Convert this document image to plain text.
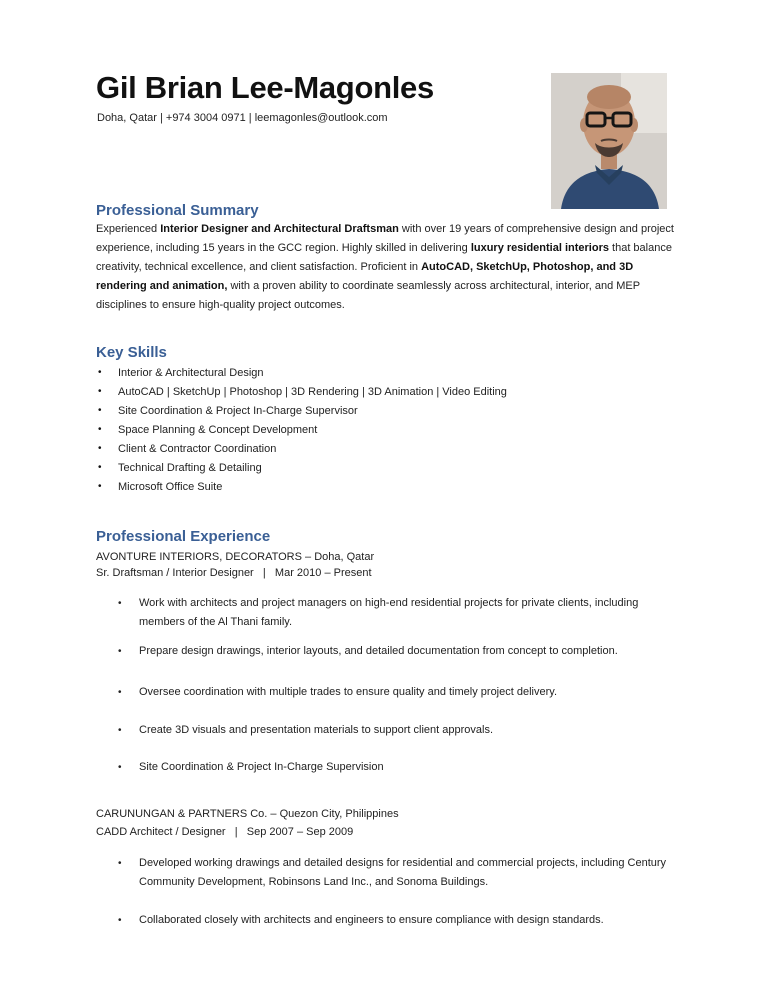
Gil Brian Lee-Magonles
Doha, Qatar | +974 3004 0971 | leemagonles@outlook.com
Professional Summary
Experienced Interior Designer and Architectural Draftsman with over 19 years of comprehensive design and project experience, including 15 years in the GCC region. Highly skilled in delivering luxury residential interiors that balance creativity, technical excellence, and client satisfaction. Proficient in AutoCAD, SketchUp, Photoshop, and 3D rendering and animation, with a proven ability to coordinate seamlessly across architectural, interior, and MEP disciplines to ensure high-quality project outcomes.
Key Skills
• Interior & Architectural Design
• AutoCAD | SketchUp | Photoshop | 3D Rendering | 3D Animation | Video Editing
• Site Coordination & Project In-Charge Supervisor
• Space Planning & Concept Development
• Client & Contractor Coordination
• Technical Drafting & Detailing
• Microsoft Office Suite
Professional Experience
AVONTURE INTERIORS, DECORATORS – Doha, Qatar
Sr. Draftsman / Interior Designer   |   Mar 2010 – Present
•	Work with architects and project managers on high-end residential projects for private clients, including members of the Al Thani family.
•	Prepare design drawings, interior layouts, and detailed documentation from concept to completion.
•	Oversee coordination with multiple trades to ensure quality and timely project delivery.
•	Create 3D visuals and presentation materials to support client approvals.
•	Site Coordination & Project In-Charge Supervision
CARUNUNGAN & PARTNERS Co. – Quezon City, Philippines
CADD Architect / Designer   |   Sep 2007 – Sep 2009
•	Developed working drawings and detailed designs for residential and commercial projects, including Century Community Development, Robinsons Land Inc., and Sonoma Buildings.
•	Collaborated closely with architects and engineers to ensure compliance with design standards.
